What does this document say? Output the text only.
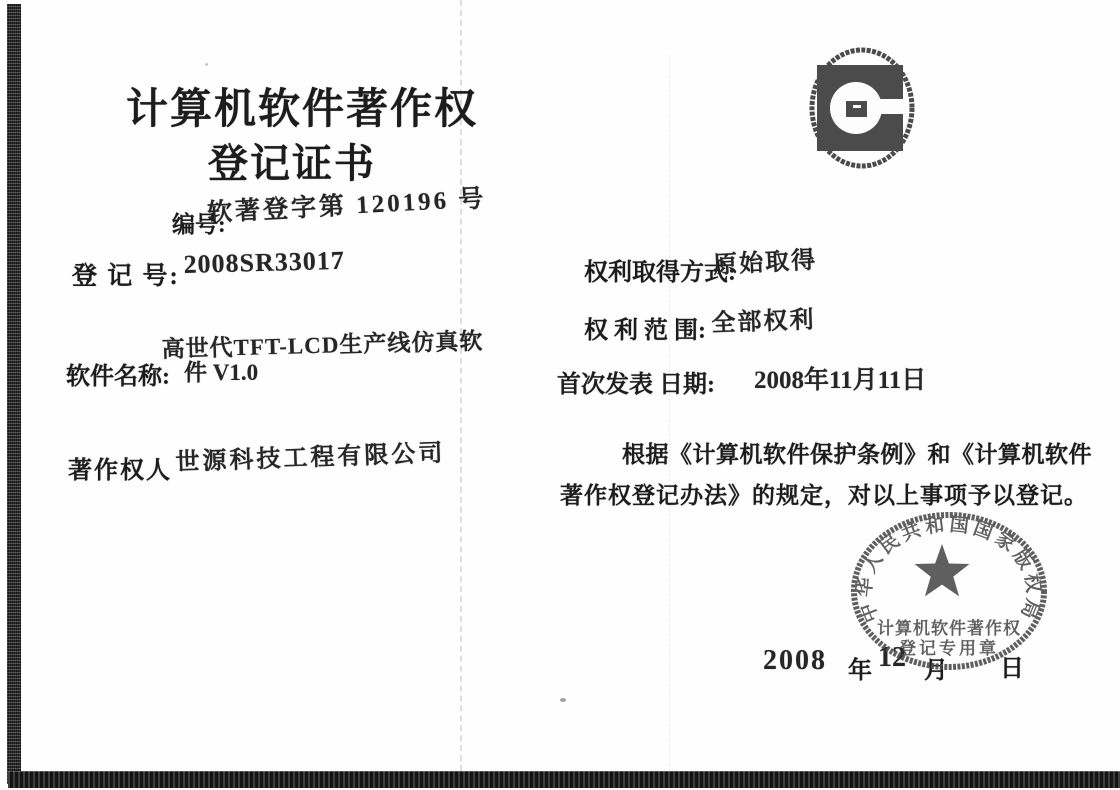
计算机软件著作权
登记证书
编号:
软著登字第 120196 号
登 记 号: 2008SR33017
高世代TFT-LCD生产线仿真软
软件名称: 件 V1.0
著作权人 世源科技工程有限公司
权利取得方式:
原始取得
权 利 范 围: 全部权利
首次发表 日期: 2008年11月11日
根据《计算机软件保护条例》和《计算机软件
著作权登记办法》的规定，对以上事项予以登记。
2008 年 12 月 日
中华人民共和国国家版权局
计算机软件著作权
登记专用章
